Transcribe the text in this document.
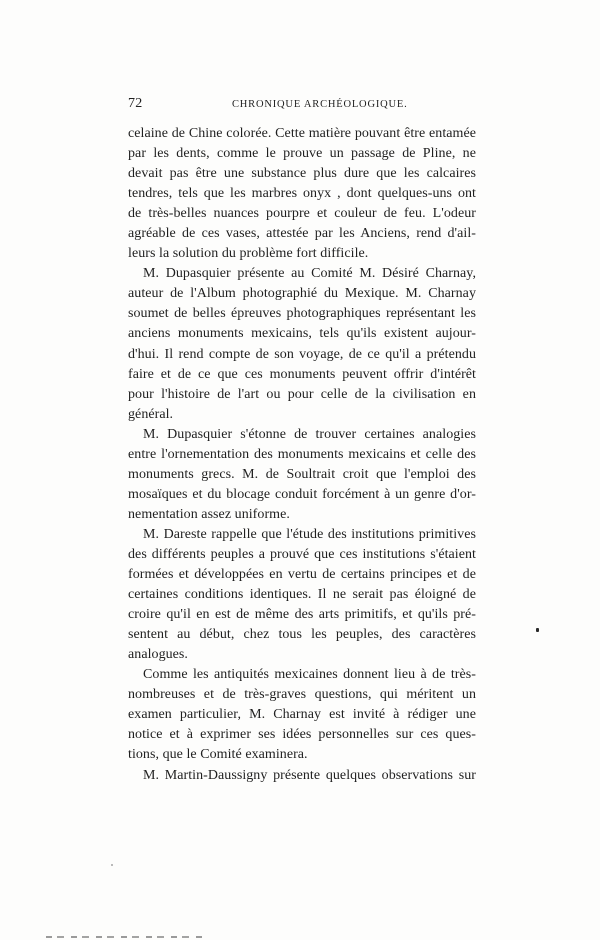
72	CHRONIQUE ARCHÉOLOGIQUE.
celaine de Chine colorée. Cette matière pouvant être entamée
par les dents, comme le prouve un passage de Pline, ne
devait pas être une substance plus dure que les calcaires
tendres, tels que les marbres onyx , dont quelques-uns ont
de très-belles nuances pourpre et couleur de feu. L'odeur
agréable de ces vases, attestée par les Anciens, rend d'ail-
leurs la solution du problème fort difficile.
M. Dupasquier présente au Comité M. Désiré Charnay,
auteur de l'Album photographié du Mexique. M. Charnay
soumet de belles épreuves photographiques représentant les
anciens monuments mexicains, tels qu'ils existent aujour-
d'hui. Il rend compte de son voyage, de ce qu'il a prétendu
faire et de ce que ces monuments peuvent offrir d'intérêt
pour l'histoire de l'art ou pour celle de la civilisation en
général.
M. Dupasquier s'étonne de trouver certaines analogies
entre l'ornementation des monuments mexicains et celle des
monuments grecs. M. de Soultrait croit que l'emploi des
mosaïques et du blocage conduit forcément à un genre d'or-
nementation assez uniforme.
M. Dareste rappelle que l'étude des institutions primitives
des différents peuples a prouvé que ces institutions s'étaient
formées et développées en vertu de certains principes et de
certaines conditions identiques. Il ne serait pas éloigné de
croire qu'il en est de même des arts primitifs, et qu'ils pré-
sentent au début, chez tous les peuples, des caractères
analogues.
Comme les antiquités mexicaines donnent lieu à de très-
nombreuses et de très-graves questions, qui méritent un
examen particulier, M. Charnay est invité à rédiger une
notice et à exprimer ses idées personnelles sur ces ques-
tions, que le Comité examinera.
M. Martin-Daussigny présente quelques observations sur
